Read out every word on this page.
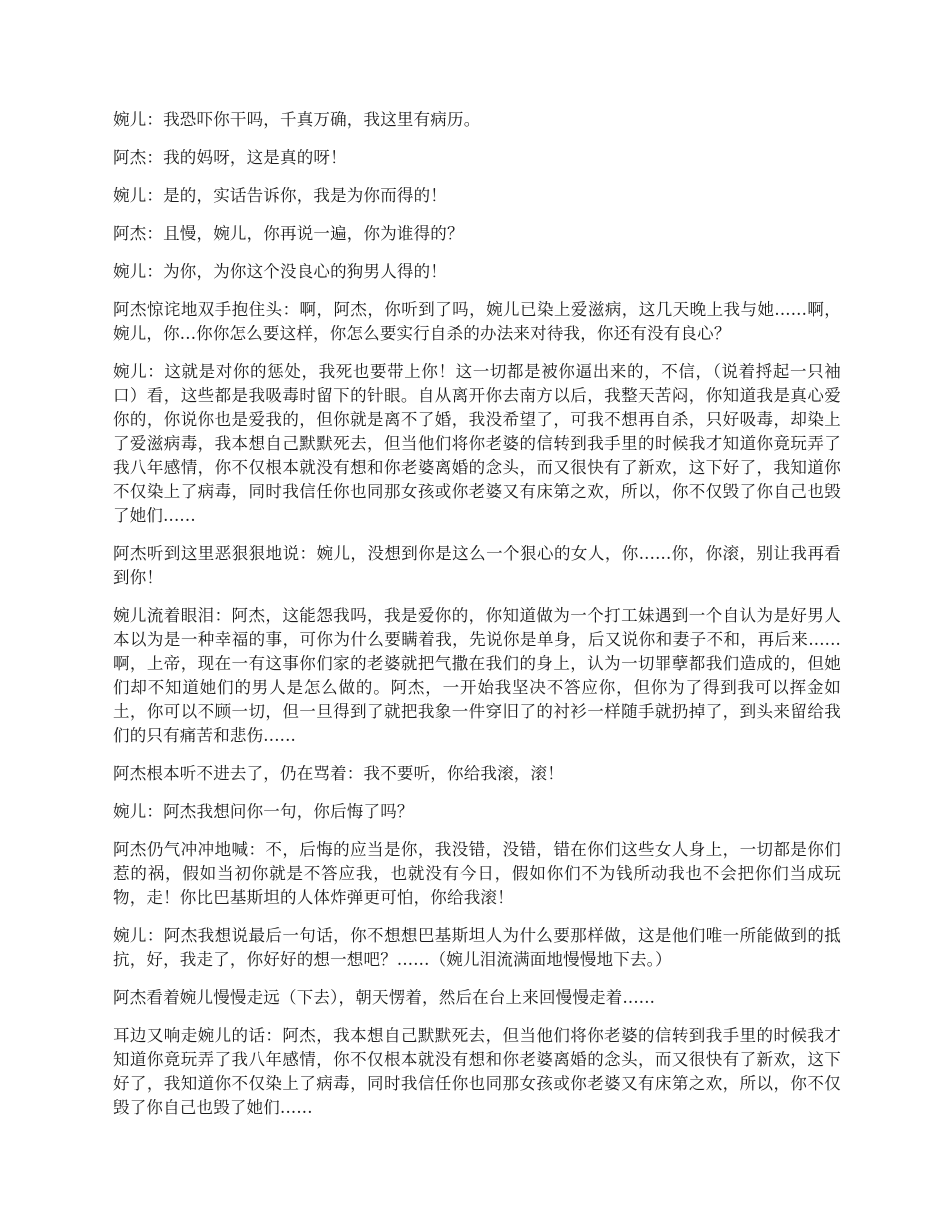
婉儿：我恐吓你干吗，千真万确，我这里有病历。

阿杰：我的妈呀，这是真的呀！

婉儿：是的，实话告诉你，我是为你而得的！

阿杰：且慢，婉儿，你再说一遍，你为谁得的？

婉儿：为你，为你这个没良心的狗男人得的！

阿杰惊诧地双手抱住头：啊，阿杰，你听到了吗，婉儿已染上爱滋病，这几天晚上我与她......啊，婉儿，你...你你怎么要这样，你怎么要实行自杀的办法来对待我，你还有没有良心？

婉儿：这就是对你的惩处，我死也要带上你！这一切都是被你逼出来的，不信，（说着捋起一只袖口）看，这些都是我吸毒时留下的针眼。自从离开你去南方以后，我整天苦闷，你知道我是真心爱你的，你说你也是爱我的，但你就是离不了婚，我没希望了，可我不想再自杀，只好吸毒，却染上了爱滋病毒，我本想自己默默死去，但当他们将你老婆的信转到我手里的时候我才知道你竟玩弄了我八年感情，你不仅根本就没有想和你老婆离婚的念头，而又很快有了新欢，这下好了，我知道你不仅染上了病毒，同时我信任你也同那女孩或你老婆又有床第之欢，所以，你不仅毁了你自己也毁了她们......

阿杰听到这里恶狠狠地说：婉儿，没想到你是这么一个狠心的女人，你......你，你滚，别让我再看到你！

婉儿流着眼泪：阿杰，这能怨我吗，我是爱你的，你知道做为一个打工妹遇到一个自认为是好男人本以为是一种幸福的事，可你为什么要瞒着我，先说你是单身，后又说你和妻子不和，再后来......啊，上帝，现在一有这事你们家的老婆就把气撒在我们的身上，认为一切罪孽都我们造成的，但她们却不知道她们的男人是怎么做的。阿杰，一开始我坚决不答应你，但你为了得到我可以挥金如土，你可以不顾一切，但一旦得到了就把我象一件穿旧了的衬衫一样随手就扔掉了，到头来留给我们的只有痛苦和悲伤......

阿杰根本听不进去了，仍在骂着：我不要听，你给我滚，滚！

婉儿：阿杰我想问你一句，你后悔了吗？

阿杰仍气冲冲地喊：不，后悔的应当是你，我没错，没错，错在你们这些女人身上，一切都是你们惹的祸，假如当初你就是不答应我，也就没有今日，假如你们不为钱所动我也不会把你们当成玩物，走！你比巴基斯坦的人体炸弹更可怕，你给我滚！

婉儿：阿杰我想说最后一句话，你不想想巴基斯坦人为什么要那样做，这是他们唯一所能做到的抵抗，好，我走了，你好好的想一想吧？......（婉儿泪流满面地慢慢地下去。）

阿杰看着婉儿慢慢走远（下去），朝天愣着，然后在台上来回慢慢走着......

耳边又响走婉儿的话：阿杰，我本想自己默默死去，但当他们将你老婆的信转到我手里的时候我才知道你竟玩弄了我八年感情，你不仅根本就没有想和你老婆离婚的念头，而又很快有了新欢，这下好了，我知道你不仅染上了病毒，同时我信任你也同那女孩或你老婆又有床第之欢，所以，你不仅毁了你自己也毁了她们......
